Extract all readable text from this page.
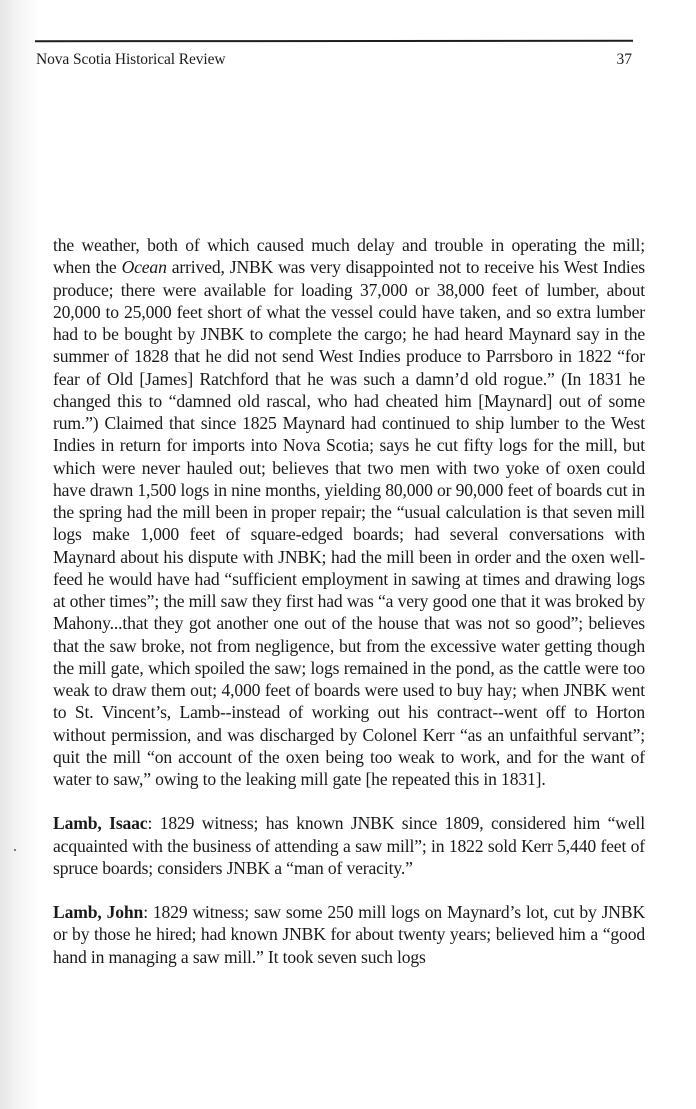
Nova Scotia Historical Review	37

the weather, both of which caused much delay and trouble in operating the mill; when the Ocean arrived, JNBK was very disappointed not to receive his West Indies produce; there were available for loading 37,000 or 38,000 feet of lumber, about 20,000 to 25,000 feet short of what the vessel could have taken, and so extra lumber had to be bought by JNBK to complete the cargo; he had heard Maynard say in the summer of 1828 that he did not send West Indies produce to Parrsboro in 1822 “for fear of Old [James] Ratchford that he was such a damn’d old rogue.” (In 1831 he changed this to “damned old rascal, who had cheated him [Maynard] out of some rum.”) Claimed that since 1825 Maynard had continued to ship lumber to the West Indies in return for imports into Nova Scotia; says he cut fifty logs for the mill, but which were never hauled out; believes that two men with two yoke of oxen could have drawn 1,500 logs in nine months, yielding 80,000 or 90,000 feet of boards cut in the spring had the mill been in proper repair; the “usual calculation is that seven mill logs make 1,000 feet of square-edged boards; had several conversations with Maynard about his dispute with JNBK; had the mill been in order and the oxen well-feed he would have had “sufficient employment in sawing at times and drawing logs at other times”; the mill saw they first had was “a very good one that it was broked by Mahony...that they got another one out of the house that was not so good”; believes that the saw broke, not from negligence, but from the excessive water getting though the mill gate, which spoiled the saw; logs remained in the pond, as the cattle were too weak to draw them out; 4,000 feet of boards were used to buy hay; when JNBK went to St. Vincent’s, Lamb--instead of working out his contract--went off to Horton without permission, and was discharged by Colonel Kerr “as an unfaithful servant”; quit the mill “on account of the oxen being too weak to work, and for the want of water to saw,” owing to the leaking mill gate [he repeated this in 1831].

Lamb, Isaac: 1829 witness; has known JNBK since 1809, considered him “well acquainted with the business of attending a saw mill”; in 1822 sold Kerr 5,440 feet of spruce boards; considers JNBK a “man of veracity.”

Lamb, John: 1829 witness; saw some 250 mill logs on Maynard’s lot, cut by JNBK or by those he hired; had known JNBK for about twenty years; believed him a “good hand in managing a saw mill.” It took seven such logs
